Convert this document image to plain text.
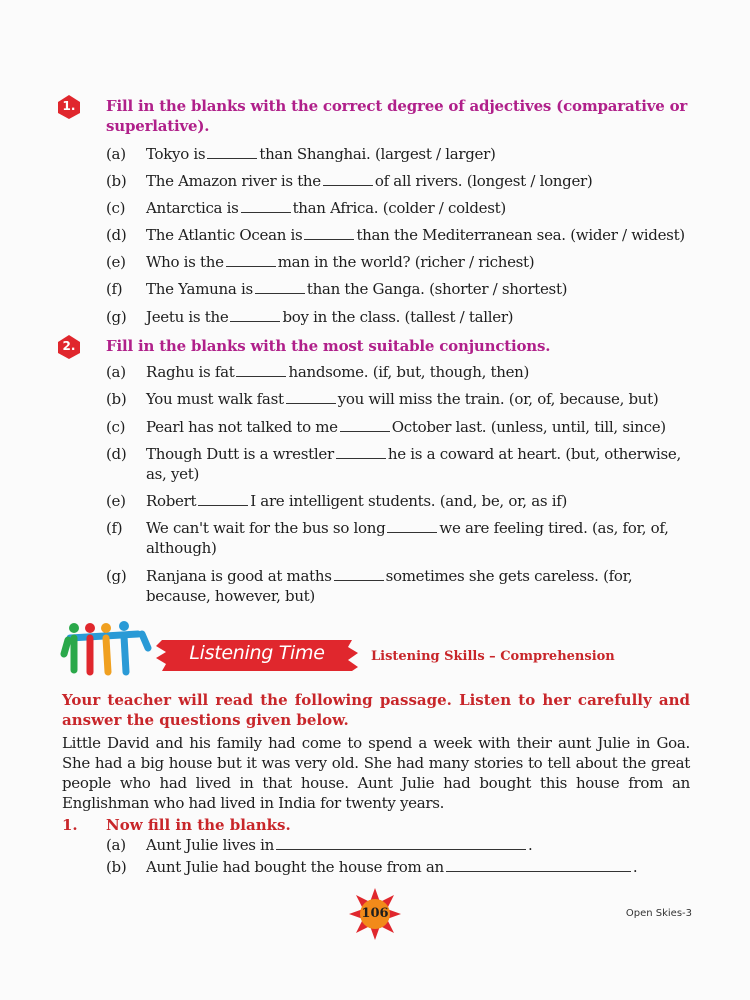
1.	Fill in the blanks with the correct degree of adjectives (comparative or
superlative).
(a) Tokyo is	than Shanghai. (largest / larger)
(b) The Amazon river is the	of all rivers. (longest / longer)
(c) Antarctica is	than Africa. (colder / coldest)
(d) The Atlantic Ocean is	than the Mediterranean sea. (wider / widest)
(e) Who is the	man in the world? (richer / richest)
(f) The Yamuna is	than the Ganga. (shorter / shortest)
(g) Jeetu is the	boy in the class. (tallest / taller)
2.	Fill in the blanks with the most suitable conjunctions.
(a) Raghu is fat	handsome. (if, but, though, then)
(b) You must walk fast	you will miss the train. (or, of, because, but)
(c) Pearl has not talked to me	October last. (unless, until, till, since)
(d) Though Dutt is a wrestler	he is a coward at heart. (but, otherwise,
as, yet)
(e) Robert	I are intelligent students. (and, be, or, as if)
(f) We can't wait for the bus so long	we are feeling tired. (as, for, of,
although)
(g) Ranjana is good at maths	sometimes she gets careless. (for,
because, however, but)
Listening Time	Listening Skills – Comprehension
Your teacher will read the following passage. Listen to her carefully and answer the questions given below.
Little David and his family had come to spend a week with their aunt Julie in Goa. She had a big house but it was very old. She had many stories to tell about the great people who had lived in that house. Aunt Julie had bought this house from an Englishman who had lived in India for twenty years.
1. Now fill in the blanks.
(a) Aunt Julie lives in	.
(b) Aunt Julie had bought the house from an	.
106	Open Skies-3
